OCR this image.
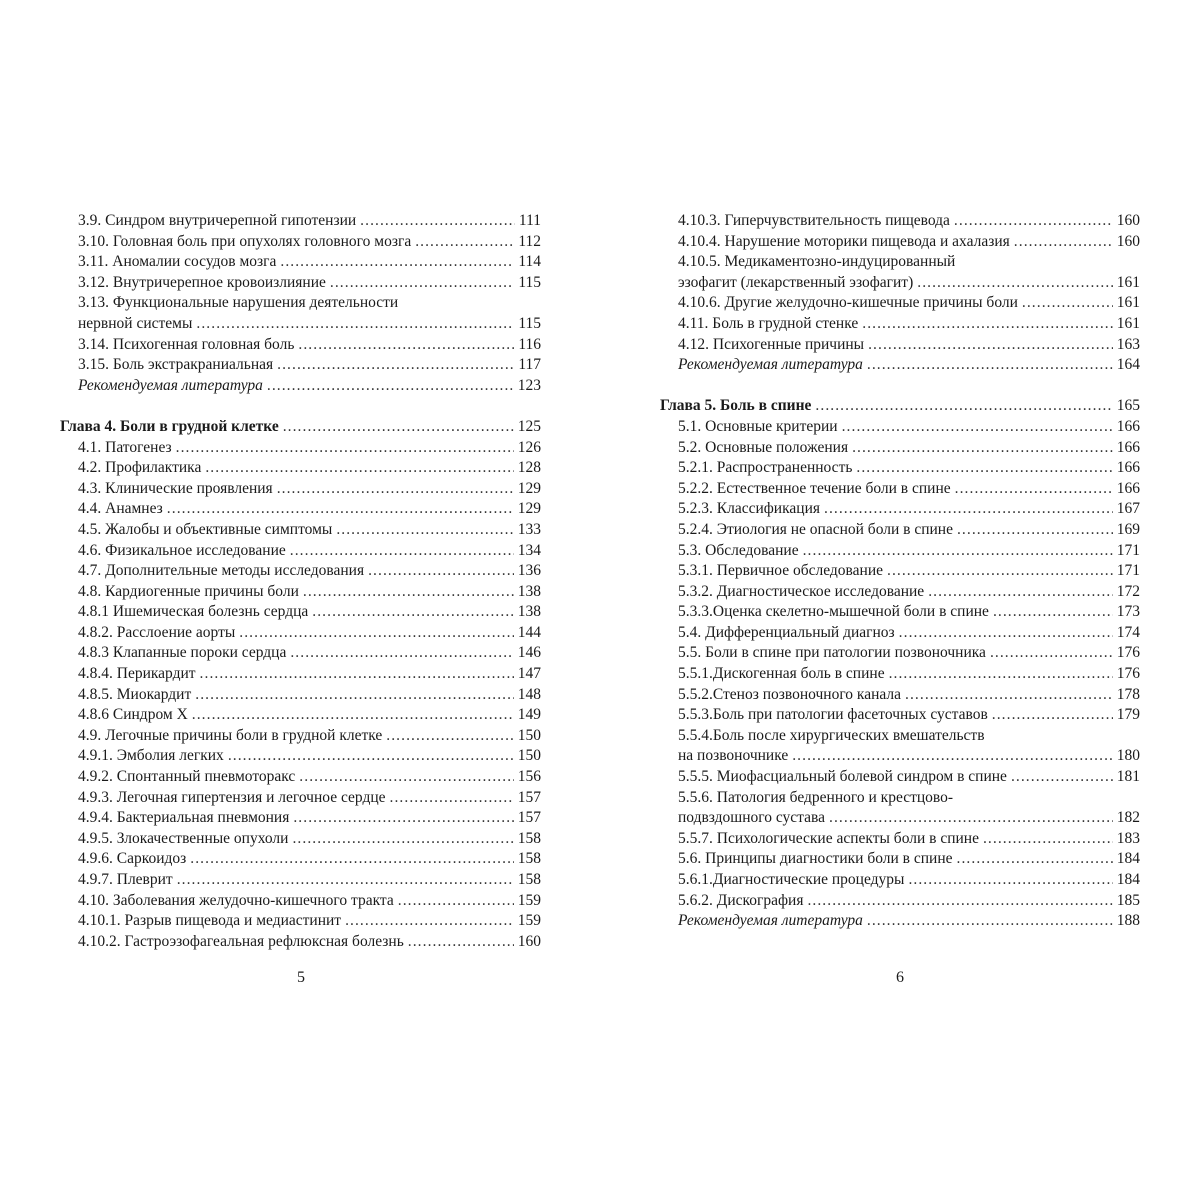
3.9. Синдром внутричерепной гипотензии . . .	111
3.10. Головная боль при опухолях головного мозга . . .	112
3.11. Аномалии сосудов мозга . . .	114
3.12. Внутричерепное кровоизлияние . . .	115
3.13. Функциональные нарушения деятельности
нервной системы . . .	115
3.14. Психогенная головная боль . . .	116
3.15. Боль экстракраниальная . . .	117
Рекомендуемая литература . . .	123
Глава 4. Боли в грудной клетке . . .	125
4.1. Патогенез . . .	126
4.2. Профилактика . . .	128
4.3. Клинические проявления . . .	129
4.4. Анамнез . . .	129
4.5. Жалобы и объективные симптомы . . .	133
4.6. Физикальное исследование . . .	134
4.7. Дополнительные методы исследования . . .	136
4.8. Кардиогенные причины боли . . .	138
4.8.1 Ишемическая болезнь сердца . . .	138
4.8.2. Расслоение аорты . . .	144
4.8.3 Клапанные пороки сердца . . .	146
4.8.4. Перикардит . . .	147
4.8.5. Миокардит . . .	148
4.8.6 Синдром Х . . .	149
4.9. Легочные причины боли в грудной клетке . . .	150
4.9.1. Эмболия легких . . .	150
4.9.2. Спонтанный пневмоторакс . . .	156
4.9.3. Легочная гипертензия и легочное сердце . . .	157
4.9.4. Бактериальная пневмония . . .	157
4.9.5. Злокачественные опухоли . . .	158
4.9.6. Саркоидоз . . .	158
4.9.7. Плеврит . . .	158
4.10. Заболевания желудочно-кишечного тракта . . .	159
4.10.1. Разрыв пищевода и медиастинит . . .	159
4.10.2. Гастроэзофагеальная рефлюксная болезнь . . .	160
5
4.10.3. Гиперчувствительность пищевода . . .	160
4.10.4. Нарушение моторики пищевода и ахалазия . . .	160
4.10.5. Медикаментозно-индуцированный
эзофагит (лекарственный эзофагит) . . .	161
4.10.6. Другие желудочно-кишечные причины боли . . .	161
4.11. Боль в грудной стенке . . .	161
4.12. Психогенные причины . . .	163
Рекомендуемая литература . . .	164
Глава 5. Боль в спине . . .	165
5.1. Основные критерии . . .	166
5.2. Основные положения . . .	166
5.2.1. Распространенность . . .	166
5.2.2. Естественное течение боли в спине . . .	166
5.2.3. Классификация . . .	167
5.2.4. Этиология не опасной боли в спине . . .	169
5.3. Обследование . . .	171
5.3.1. Первичное обследование . . .	171
5.3.2. Диагностическое исследование . . .	172
5.3.3.Оценка скелетно-мышечной боли в спине . . .	173
5.4. Дифференциальный диагноз . . .	174
5.5. Боли в спине при патологии позвоночника . . .	176
5.5.1.Дискогенная боль в спине . . .	176
5.5.2.Стеноз позвоночного канала . . .	178
5.5.3.Боль при патологии фасеточных суставов . . .	179
5.5.4.Боль после хирургических вмешательств
на позвоночнике . . .	180
5.5.5. Миофасциальный болевой синдром в спине . . .	181
5.5.6. Патология бедренного и крестцово-
подвздошного сустава . . .	182
5.5.7. Психологические аспекты боли в спине . . .	183
5.6. Принципы диагностики боли в спине . . .	184
5.6.1.Диагностические процедуры . . .	184
5.6.2. Дискография . . .	185
Рекомендуемая литература . . .	188
6
